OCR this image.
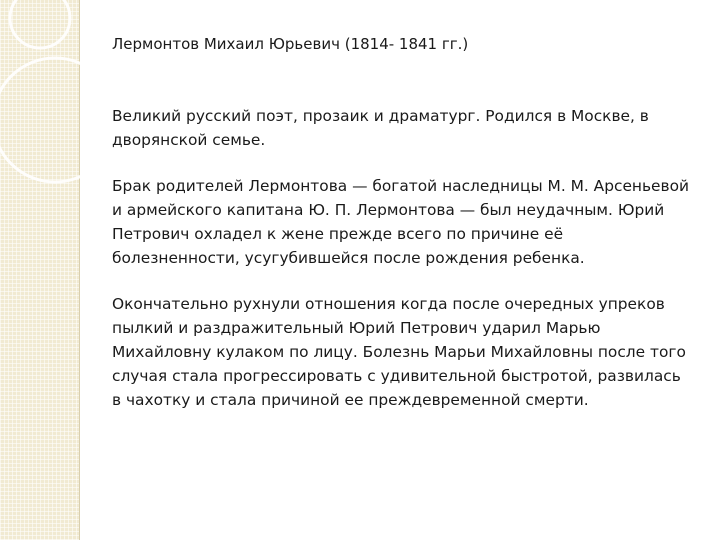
Лермонтов Михаил Юрьевич (1814- 1841 гг.)

Великий русский поэт, прозаик и драматург. Родился в Москве, в дворянской семье.

Брак родителей Лермонтова — богатой наследницы М. М. Арсеньевой и армейского капитана Ю. П. Лермонтова — был неудачным. Юрий Петрович охладел к жене прежде всего по причине её болезненности, усугубившейся после рождения ребенка.

Окончательно рухнули отношения когда после очередных упреков пылкий и раздражительный Юрий Петрович ударил Марью Михайловну кулаком по лицу. Болезнь Марьи Михайловны после того случая стала прогрессировать с удивительной быстротой, развилась в чахотку и стала причиной ее преждевременной смерти.
